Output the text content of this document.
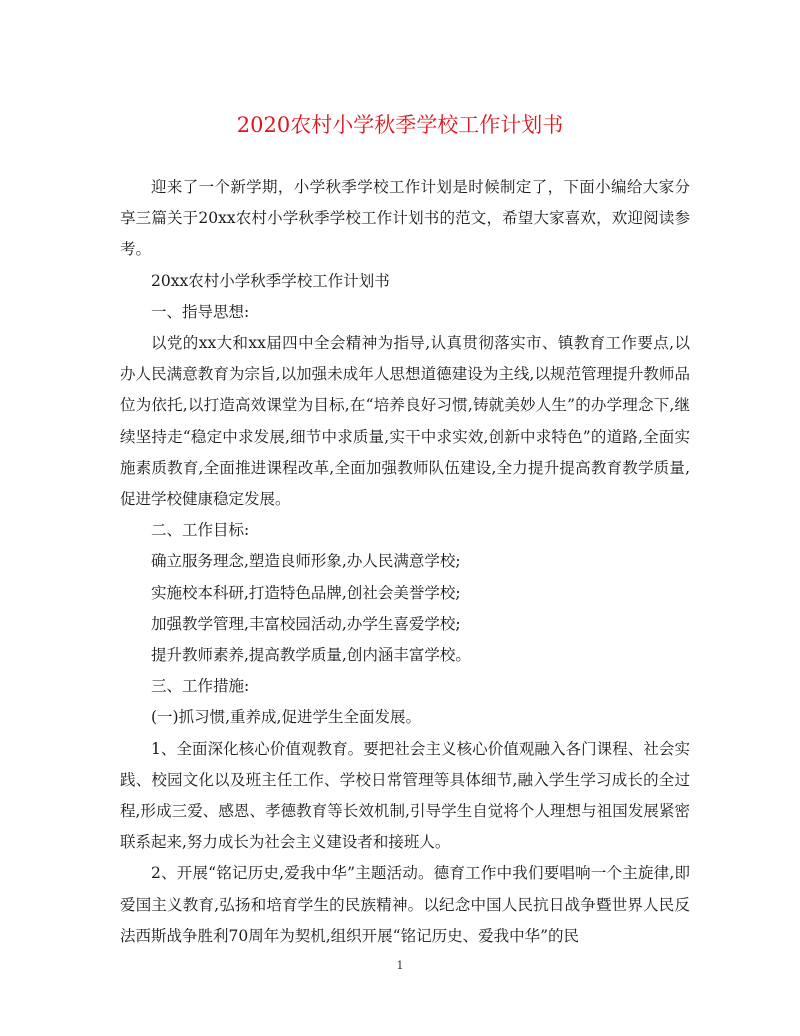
2020农村小学秋季学校工作计划书

迎来了一个新学期，小学秋季学校工作计划是时候制定了，下面小编给大家分享三篇关于20xx农村小学秋季学校工作计划书的范文，希望大家喜欢，欢迎阅读参考。

20xx农村小学秋季学校工作计划书

一、指导思想:

以党的xx大和xx届四中全会精神为指导,认真贯彻落实市、镇教育工作要点,以办人民满意教育为宗旨,以加强未成年人思想道德建设为主线,以规范管理提升教师品位为依托,以打造高效课堂为目标,在“培养良好习惯,铸就美妙人生”的办学理念下,继续坚持走“稳定中求发展,细节中求质量,实干中求实效,创新中求特色”的道路,全面实施素质教育,全面推进课程改革,全面加强教师队伍建设,全力提升提高教育教学质量,促进学校健康稳定发展。

二、工作目标:

确立服务理念,塑造良师形象,办人民满意学校;

实施校本科研,打造特色品牌,创社会美誉学校;

加强教学管理,丰富校园活动,办学生喜爱学校;

提升教师素养,提高教学质量,创内涵丰富学校。

三、工作措施:

(一)抓习惯,重养成,促进学生全面发展。

1、全面深化核心价值观教育。要把社会主义核心价值观融入各门课程、社会实践、校园文化以及班主任工作、学校日常管理等具体细节,融入学生学习成长的全过程,形成三爱、感恩、孝德教育等长效机制,引导学生自觉将个人理想与祖国发展紧密联系起来,努力成长为社会主义建设者和接班人。

2、开展“铭记历史,爱我中华”主题活动。德育工作中我们要唱响一个主旋律,即爱国主义教育,弘扬和培育学生的民族精神。以纪念中国人民抗日战争暨世界人民反法西斯战争胜利70周年为契机,组织开展“铭记历史、爱我中华”的民

1
